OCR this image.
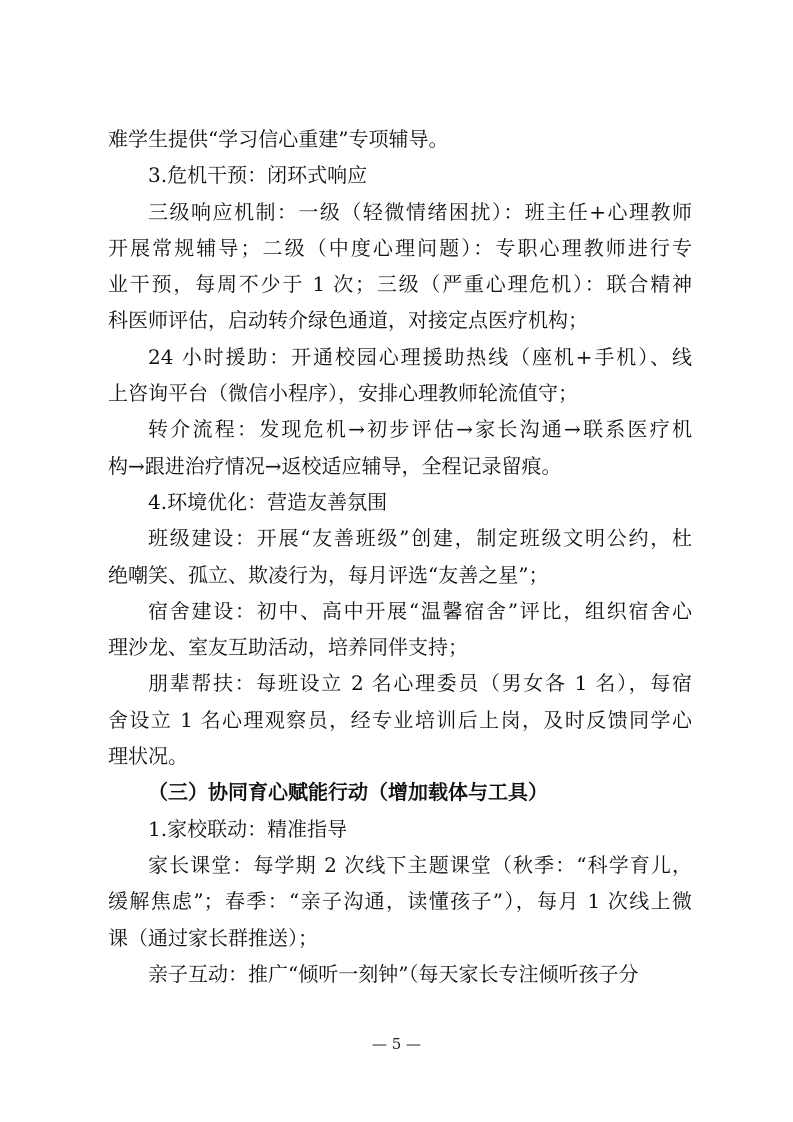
难学生提供“学习信心重建”专项辅导。
3.危机干预：闭环式响应
三级响应机制：一级（轻微情绪困扰）：班主任+心理教师
开展常规辅导；二级（中度心理问题）：专职心理教师进行专
业干预，每周不少于 1 次；三级（严重心理危机）：联合精神
科医师评估，启动转介绿色通道，对接定点医疗机构；
24 小时援助：开通校园心理援助热线（座机+手机）、线
上咨询平台（微信小程序），安排心理教师轮流值守；
转介流程：发现危机→初步评估→家长沟通→联系医疗机
构→跟进治疗情况→返校适应辅导，全程记录留痕。
4.环境优化：营造友善氛围
班级建设：开展“友善班级”创建，制定班级文明公约，杜
绝嘲笑、孤立、欺凌行为，每月评选“友善之星”；
宿舍建设：初中、高中开展“温馨宿舍”评比，组织宿舍心
理沙龙、室友互助活动，培养同伴支持；
朋辈帮扶：每班设立 2 名心理委员（男女各 1 名），每宿
舍设立 1 名心理观察员，经专业培训后上岗，及时反馈同学心
理状况。
（三）协同育心赋能行动（增加载体与工具）
1.家校联动：精准指导
家长课堂：每学期 2 次线下主题课堂（秋季：“科学育儿，
缓解焦虑”；春季：“亲子沟通，读懂孩子”），每月 1 次线上微
课（通过家长群推送）；
亲子互动：推广“倾听一刻钟”（每天家长专注倾听孩子分
— 5 —
